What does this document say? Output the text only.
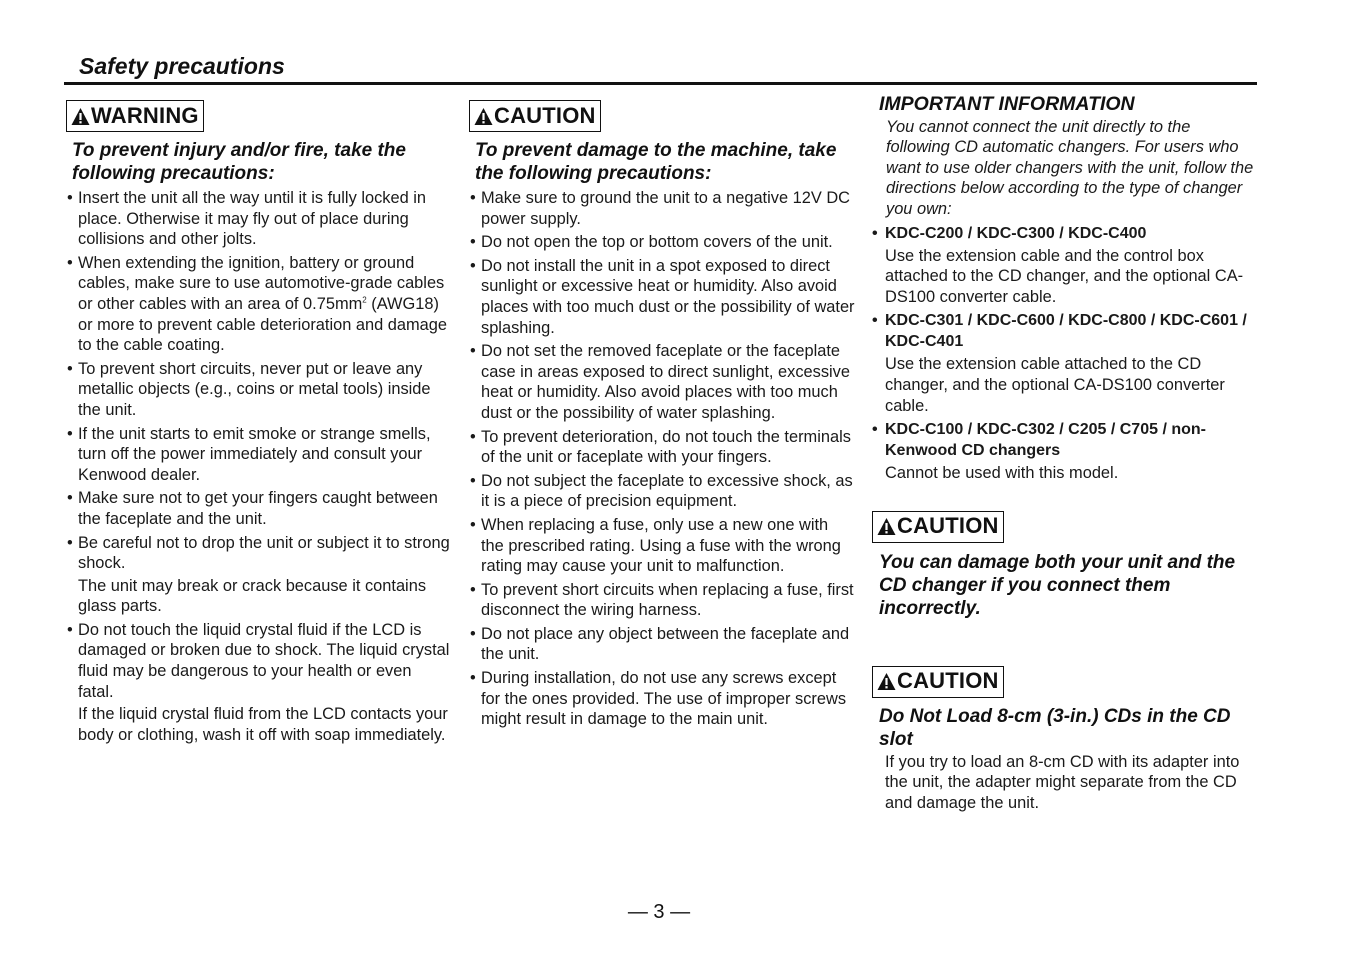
Safety precautions
WARNING

To prevent injury and/or fire, take the following precautions:

• Insert the unit all the way until it is fully locked in place. Otherwise it may fly out of place during collisions and other jolts.
• When extending the ignition, battery or ground cables, make sure to use automotive-grade cables or other cables with an area of $0.75mm^2$ (AWG18) or more to prevent cable deterioration and damage to the cable coating.
• To prevent short circuits, never put or leave any metallic objects (e.g., coins or metal tools) inside the unit.
• If the unit starts to emit smoke or strange smells, turn off the power immediately and consult your Kenwood dealer.
• Make sure not to get your fingers caught between the faceplate and the unit.
• Be careful not to drop the unit or subject it to strong shock.
The unit may break or crack because it contains glass parts.
• Do not touch the liquid crystal fluid if the LCD is damaged or broken due to shock. The liquid crystal fluid may be dangerous to your health or even fatal.
If the liquid crystal fluid from the LCD contacts your body or clothing, wash it off with soap immediately.
CAUTION

To prevent damage to the machine, take the following precautions:

• Make sure to ground the unit to a negative 12V DC power supply.
• Do not open the top or bottom covers of the unit.
• Do not install the unit in a spot exposed to direct sunlight or excessive heat or humidity. Also avoid places with too much dust or the possibility of water splashing.
• Do not set the removed faceplate or the faceplate case in areas exposed to direct sunlight, excessive heat or humidity. Also avoid places with too much dust or the possibility of water splashing.
• To prevent deterioration, do not touch the terminals of the unit or faceplate with your fingers.
• Do not subject the faceplate to excessive shock, as it is a piece of precision equipment.
• When replacing a fuse, only use a new one with the prescribed rating. Using a fuse with the wrong rating may cause your unit to malfunction.
• To prevent short circuits when replacing a fuse, first disconnect the wiring harness.
• Do not place any object between the faceplate and the unit.
• During installation, do not use any screws except for the ones provided. The use of improper screws might result in damage to the main unit.
IMPORTANT INFORMATION

You cannot connect the unit directly to the following CD automatic changers. For users who want to use older changers with the unit, follow the directions below according to the type of changer you own:

• KDC-C200 / KDC-C300 / KDC-C400
Use the extension cable and the control box attached to the CD changer, and the optional CA-DS100 converter cable.
• KDC-C301 / KDC-C600 / KDC-C800 / KDC-C601 / KDC-C401
Use the extension cable attached to the CD changer, and the optional CA-DS100 converter cable.
• KDC-C100 / KDC-C302 / C205 / C705 / non-Kenwood CD changers
Cannot be used with this model.
CAUTION

You can damage both your unit and the CD changer if you connect them incorrectly.

CAUTION

Do Not Load 8-cm (3-in.) CDs in the CD slot

If you try to load an 8-cm CD with its adapter into the unit, the adapter might separate from the CD and damage the unit.
— 3 —
